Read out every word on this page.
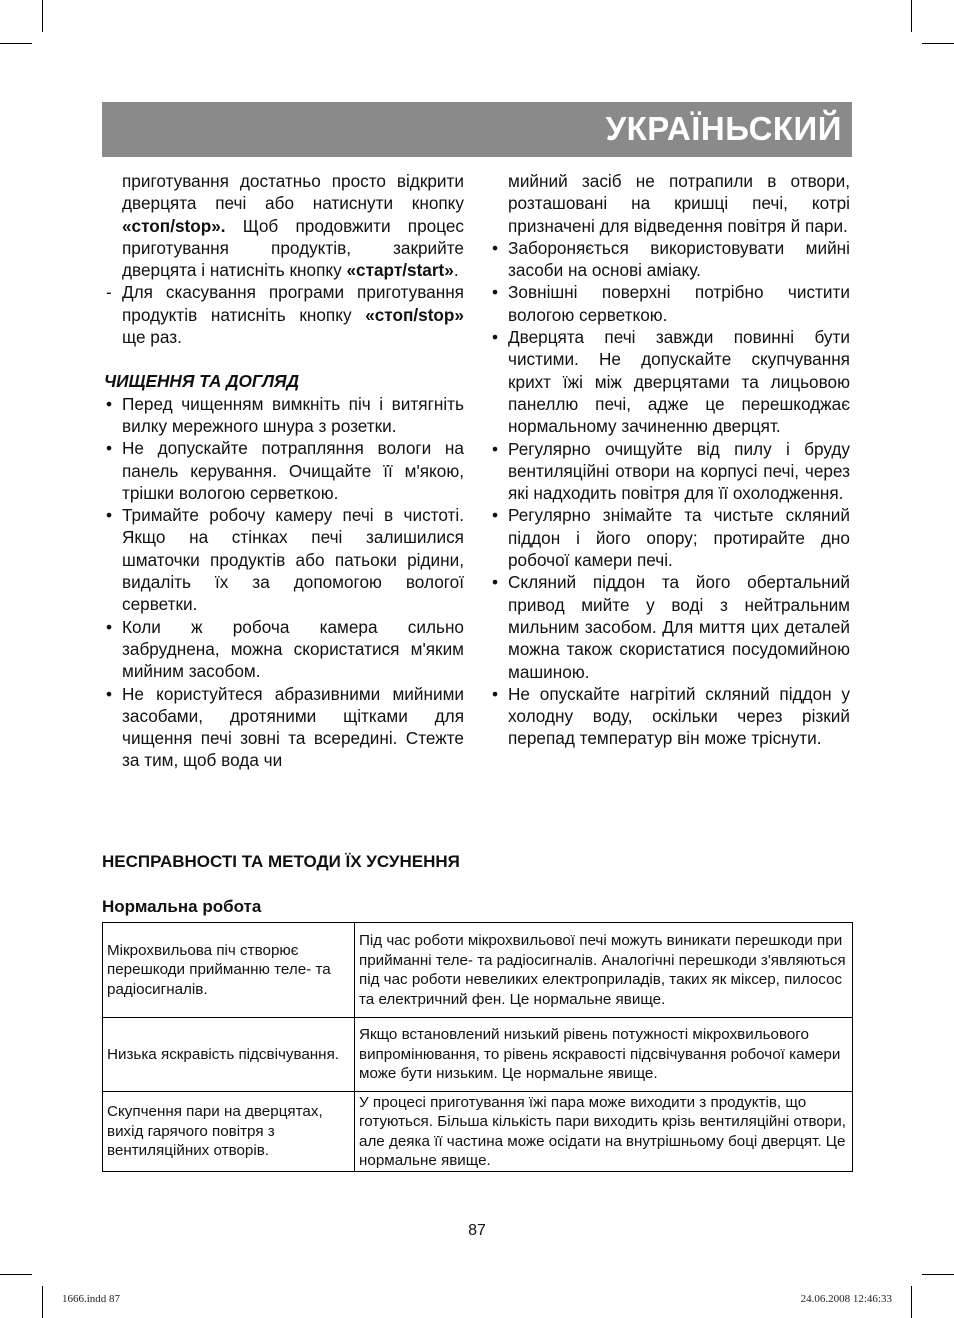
УКРАЇНЬСКИЙ
приготування достатньо просто відкрити дверцята печі або натиснути кнопку «стоп/stop». Щоб продовжити процес приготування продуктів, закрийте дверцята і натисніть кнопку «старт/start».
- Для скасування програми приготування продуктів натисніть кнопку «стоп/stop» ще раз.
ЧИЩЕННЯ ТА ДОГЛЯД
• Перед чищенням вимкніть піч і витягніть вилку мережного шнура з розетки.
• Не допускайте потрапляння вологи на панель керування. Очищайте її м'якою, трішки вологою серветкою.
• Тримайте робочу камеру печі в чистоті. Якщо на стінках печі залишилися шматочки продуктів або патьоки рідини, видаліть їх за допомогою вологої серветки.
• Коли ж робоча камера сильно забруднена, можна скористатися м'яким мийним засобом.
• Не користуйтеся абразивними мийними засобами, дротяними щітками для чищення печі зовні та всередині. Стежте за тим, щоб вода чи
мийний засіб не потрапили в отвори, розташовані на кришці печі, котрі призначені для відведення повітря й пари.
• Забороняється використовувати мийні засоби на основі аміаку.
• Зовнішні поверхні потрібно чистити вологою серветкою.
• Дверцята печі завжди повинні бути чистими. Не допускайте скупчування крихт їжі між дверцятами та лицьовою панеллю печі, адже це перешкоджає нормальному зачиненню дверцят.
• Регулярно очищуйте від пилу і бруду вентиляційні отвори на корпусі печі, через які надходить повітря для її охолодження.
• Регулярно знімайте та чистьте скляний піддон і його опору; протирайте дно робочої камери печі.
• Скляний піддон та його обертальний привод мийте у воді з нейтральним мильним засобом. Для миття цих деталей можна також скористатися посудомийною машиною.
• Не опускайте нагрітий скляний піддон у холодну воду, оскільки через різкий перепад температур він може тріснути.
НЕСПРАВНОСТІ ТА МЕТОДИ ЇХ УСУНЕННЯ
Нормальна робота
Мікрохвильова піч створює перешкоди прийманню теле- та радіосигналів.	Під час роботи мікрохвильової печі можуть виникати перешкоди при прийманні теле- та радіосигналів. Аналогічні перешкоди з'являються під час роботи невеликих електроприладів, таких як міксер, пилосос та електричний фен. Це нормальне явище.
Низька яскравість підсвічування.	Якщо встановлений низький рівень потужності мікрохвильового випромінювання, то рівень яскравості підсвічування робочої камери може бути низьким. Це нормальне явище.
Скупчення пари на дверцятах, вихід гарячого повітря з вентиляційних отворів.	У процесі приготування їжі пара може виходити з продуктів, що готуються. Більша кількість пари виходить крізь вентиляційні отвори, але деяка її частина може осідати на внутрішньому боці дверцят. Це нормальне явище.
87
1666.indd 87	24.06.2008 12:46:33
